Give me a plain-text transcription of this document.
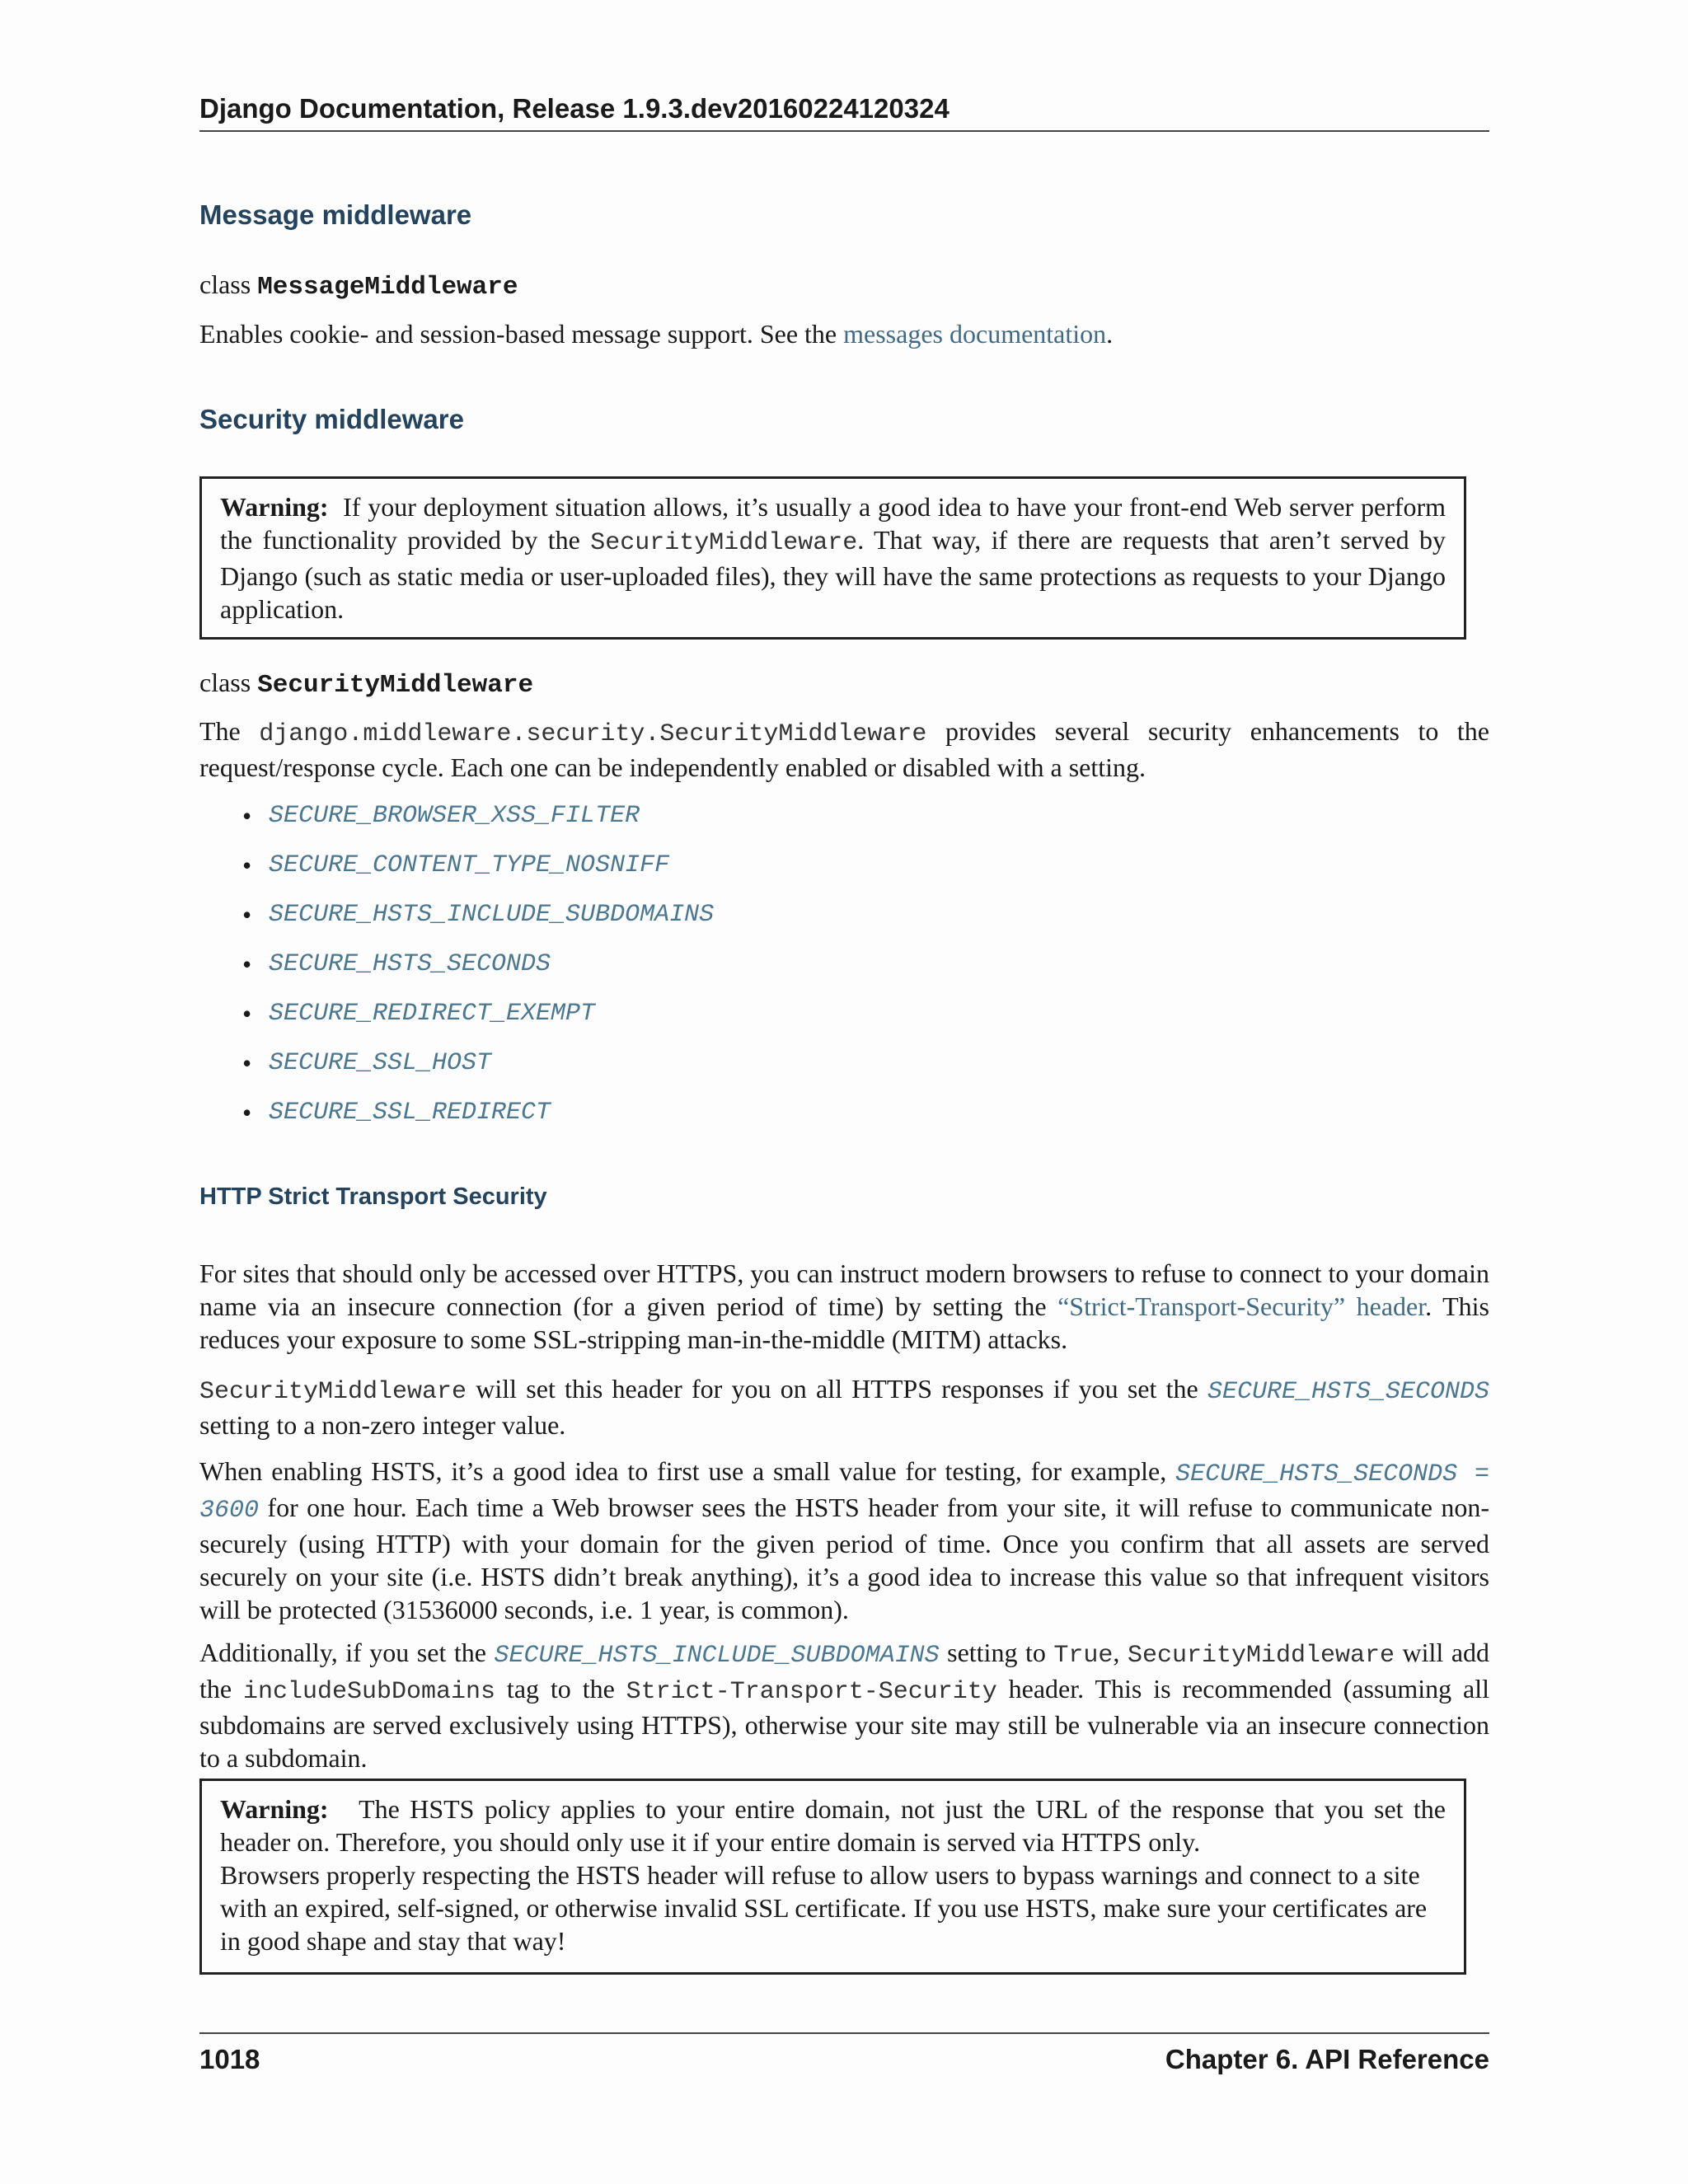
Django Documentation, Release 1.9.3.dev20160224120324
Message middleware
class MessageMiddleware

Enables cookie- and session-based message support. See the messages documentation.

Security middleware
Warning: If your deployment situation allows, it’s usually a good idea to have your front-end Web server perform the functionality provided by the SecurityMiddleware. That way, if there are requests that aren’t served by Django (such as static media or user-uploaded files), they will have the same protections as requests to your Django application.
class SecurityMiddleware

The django.middleware.security.SecurityMiddleware provides several security enhancements to the request/response cycle. Each one can be independently enabled or disabled with a setting.

• SECURE_BROWSER_XSS_FILTER
• SECURE_CONTENT_TYPE_NOSNIFF
• SECURE_HSTS_INCLUDE_SUBDOMAINS
• SECURE_HSTS_SECONDS
• SECURE_REDIRECT_EXEMPT
• SECURE_SSL_HOST
• SECURE_SSL_REDIRECT
HTTP Strict Transport Security

For sites that should only be accessed over HTTPS, you can instruct modern browsers to refuse to connect to your domain name via an insecure connection (for a given period of time) by setting the “Strict-Transport-Security” header. This reduces your exposure to some SSL-stripping man-in-the-middle (MITM) attacks.

SecurityMiddleware will set this header for you on all HTTPS responses if you set the SECURE_HSTS_SECONDS setting to a non-zero integer value.

When enabling HSTS, it’s a good idea to first use a small value for testing, for example, SECURE_HSTS_SECONDS = 3600 for one hour. Each time a Web browser sees the HSTS header from your site, it will refuse to communicate non-securely (using HTTP) with your domain for the given period of time. Once you confirm that all assets are served securely on your site (i.e. HSTS didn’t break anything), it’s a good idea to increase this value so that infrequent visitors will be protected (31536000 seconds, i.e. 1 year, is common).

Additionally, if you set the SECURE_HSTS_INCLUDE_SUBDOMAINS setting to True, SecurityMiddleware will add the includeSubDomains tag to the Strict-Transport-Security header. This is recommended (assuming all subdomains are served exclusively using HTTPS), otherwise your site may still be vulnerable via an insecure connection to a subdomain.

Warning: The HSTS policy applies to your entire domain, not just the URL of the response that you set the header on. Therefore, you should only use it if your entire domain is served via HTTPS only.
Browsers properly respecting the HSTS header will refuse to allow users to bypass warnings and connect to a site with an expired, self-signed, or otherwise invalid SSL certificate. If you use HSTS, make sure your certificates are in good shape and stay that way!
1018	Chapter 6. API Reference
